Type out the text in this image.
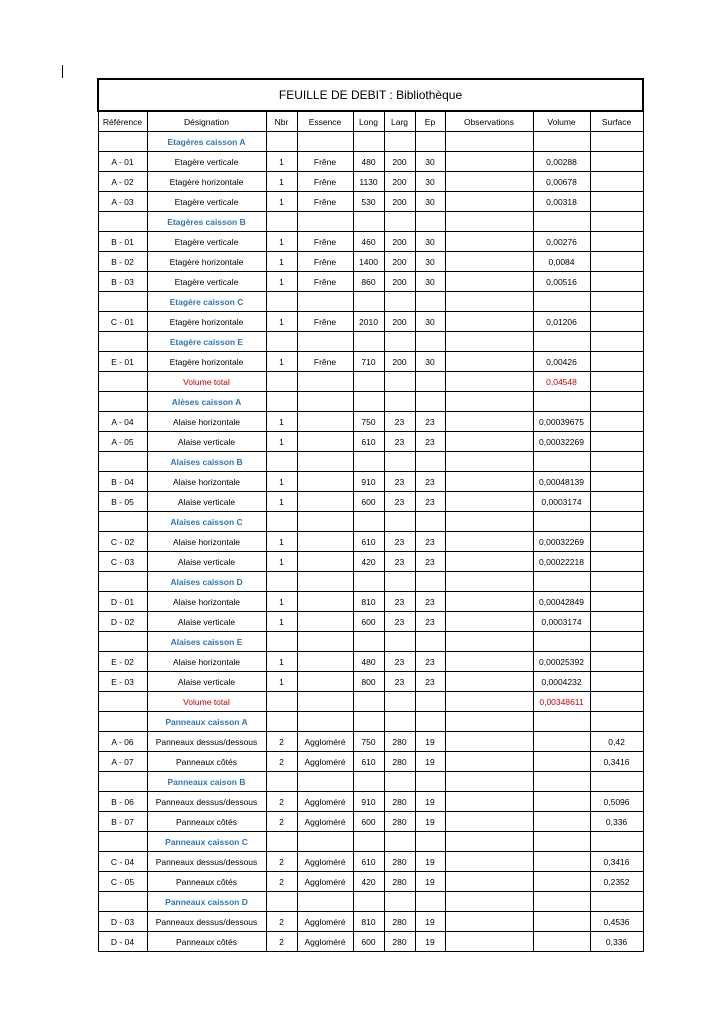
FEUILLE DE DEBIT : Bibliothèque									
Référence	Désignation	Nbr	Essence	Long	Larg	Ep	Observations	Volume	Surface
	Etagères caisson A								
A - 01	Etagère verticale	1	Frêne	480	200	30		0,00288	
A - 02	Etagère horizontale	1	Frêne	1130	200	30		0,00678	
A - 03	Etagère verticale	1	Frêne	530	200	30		0,00318	
	Etagères caisson B								
B - 01	Etagère verticale	1	Frêne	460	200	30		0,00276	
B - 02	Etagère horizontale	1	Frêne	1400	200	30		0,0084	
B - 03	Etagère verticale	1	Frêne	860	200	30		0,00516	
	Etagère caisson C								
C - 01	Etagère horizontale	1	Frêne	2010	200	30		0,01206	
	Etagère caisson E								
E - 01	Etagère horizontale	1	Frêne	710	200	30		0,00426	
	Volume total							0,04548	
	Alèses caisson A								
A - 04	Alaise horizontale	1		750	23	23		0,00039675	
A - 05	Alaise verticale	1		610	23	23		0,00032269	
	Alaises caisson B								
B - 04	Alaise horizontale	1		910	23	23		0,00048139	
B - 05	Alaise verticale	1		600	23	23		0,0003174	
	Alaises caisson C								
C - 02	Alaise horizontale	1		610	23	23		0,00032269	
C - 03	Alaise verticale	1		420	23	23		0,00022218	
	Alaises caisson D								
D - 01	Alaise horizontale	1		810	23	23		0,00042849	
D - 02	Alaise verticale	1		600	23	23		0,0003174	
	Alaises caisson E								
E - 02	Alaise horizontale	1		480	23	23		0,00025392	
E - 03	Alaise verticale	1		800	23	23		0,0004232	
	Volume total							0,00348611	
	Panneaux caisson A								
A - 06	Panneaux dessus/dessous	2	Aggloméré	750	280	19			0,42
A - 07	Panneaux côtés	2	Aggloméré	610	280	19			0,3416
	Panneaux caison B								
B - 06	Panneaux dessus/dessous	2	Aggloméré	910	280	19			0,5096
B - 07	Panneaux côtés	2	Aggloméré	600	280	19			0,336
	Panneaux caisson C								
C - 04	Panneaux dessus/dessous	2	Aggloméré	610	280	19			0,3416
C - 05	Panneaux côtés	2	Aggloméré	420	280	19			0,2352
	Panneaux caisson D								
D - 03	Panneaux dessus/dessous	2	Aggloméré	810	280	19			0,4536
D - 04	Panneaux côtés	2	Aggloméré	600	280	19			0,336
